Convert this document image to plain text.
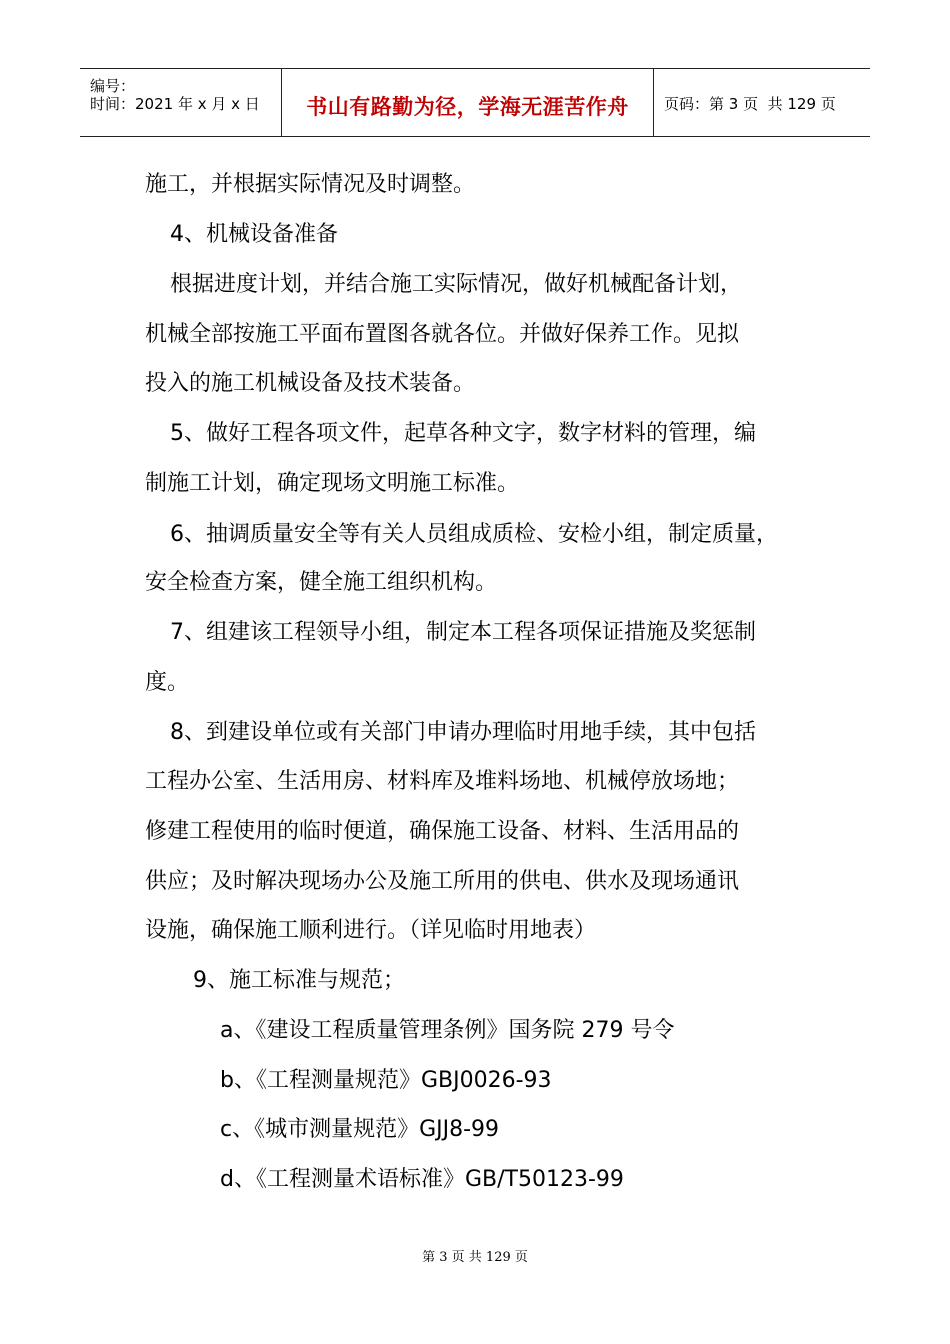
编号：
时间：2021 年 x 月 x 日	书山有路勤为径，学海无涯苦作舟	页码：第 3 页  共 129 页
施工，并根据实际情况及时调整。
4、机械设备准备
根据进度计划，并结合施工实际情况，做好机械配备计划，
机械全部按施工平面布置图各就各位。并做好保养工作。见拟
投入的施工机械设备及技术装备。
5、做好工程各项文件，起草各种文字，数字材料的管理，编
制施工计划，确定现场文明施工标准。
6、抽调质量安全等有关人员组成质检、安检小组，制定质量，
安全检查方案，健全施工组织机构。
7、组建该工程领导小组，制定本工程各项保证措施及奖惩制
度。
8、到建设单位或有关部门申请办理临时用地手续，其中包括
工程办公室、生活用房、材料库及堆料场地、机械停放场地；
修建工程使用的临时便道，确保施工设备、材料、生活用品的
供应；及时解决现场办公及施工所用的供电、供水及现场通讯
设施，确保施工顺利进行。（详见临时用地表）
9、施工标准与规范；
a、《建设工程质量管理条例》国务院 279 号令
b、《工程测量规范》GBJ0026-93
c、《城市测量规范》GJJ8-99
d、《工程测量术语标准》GB/T50123-99
第 3 页 共 129 页
